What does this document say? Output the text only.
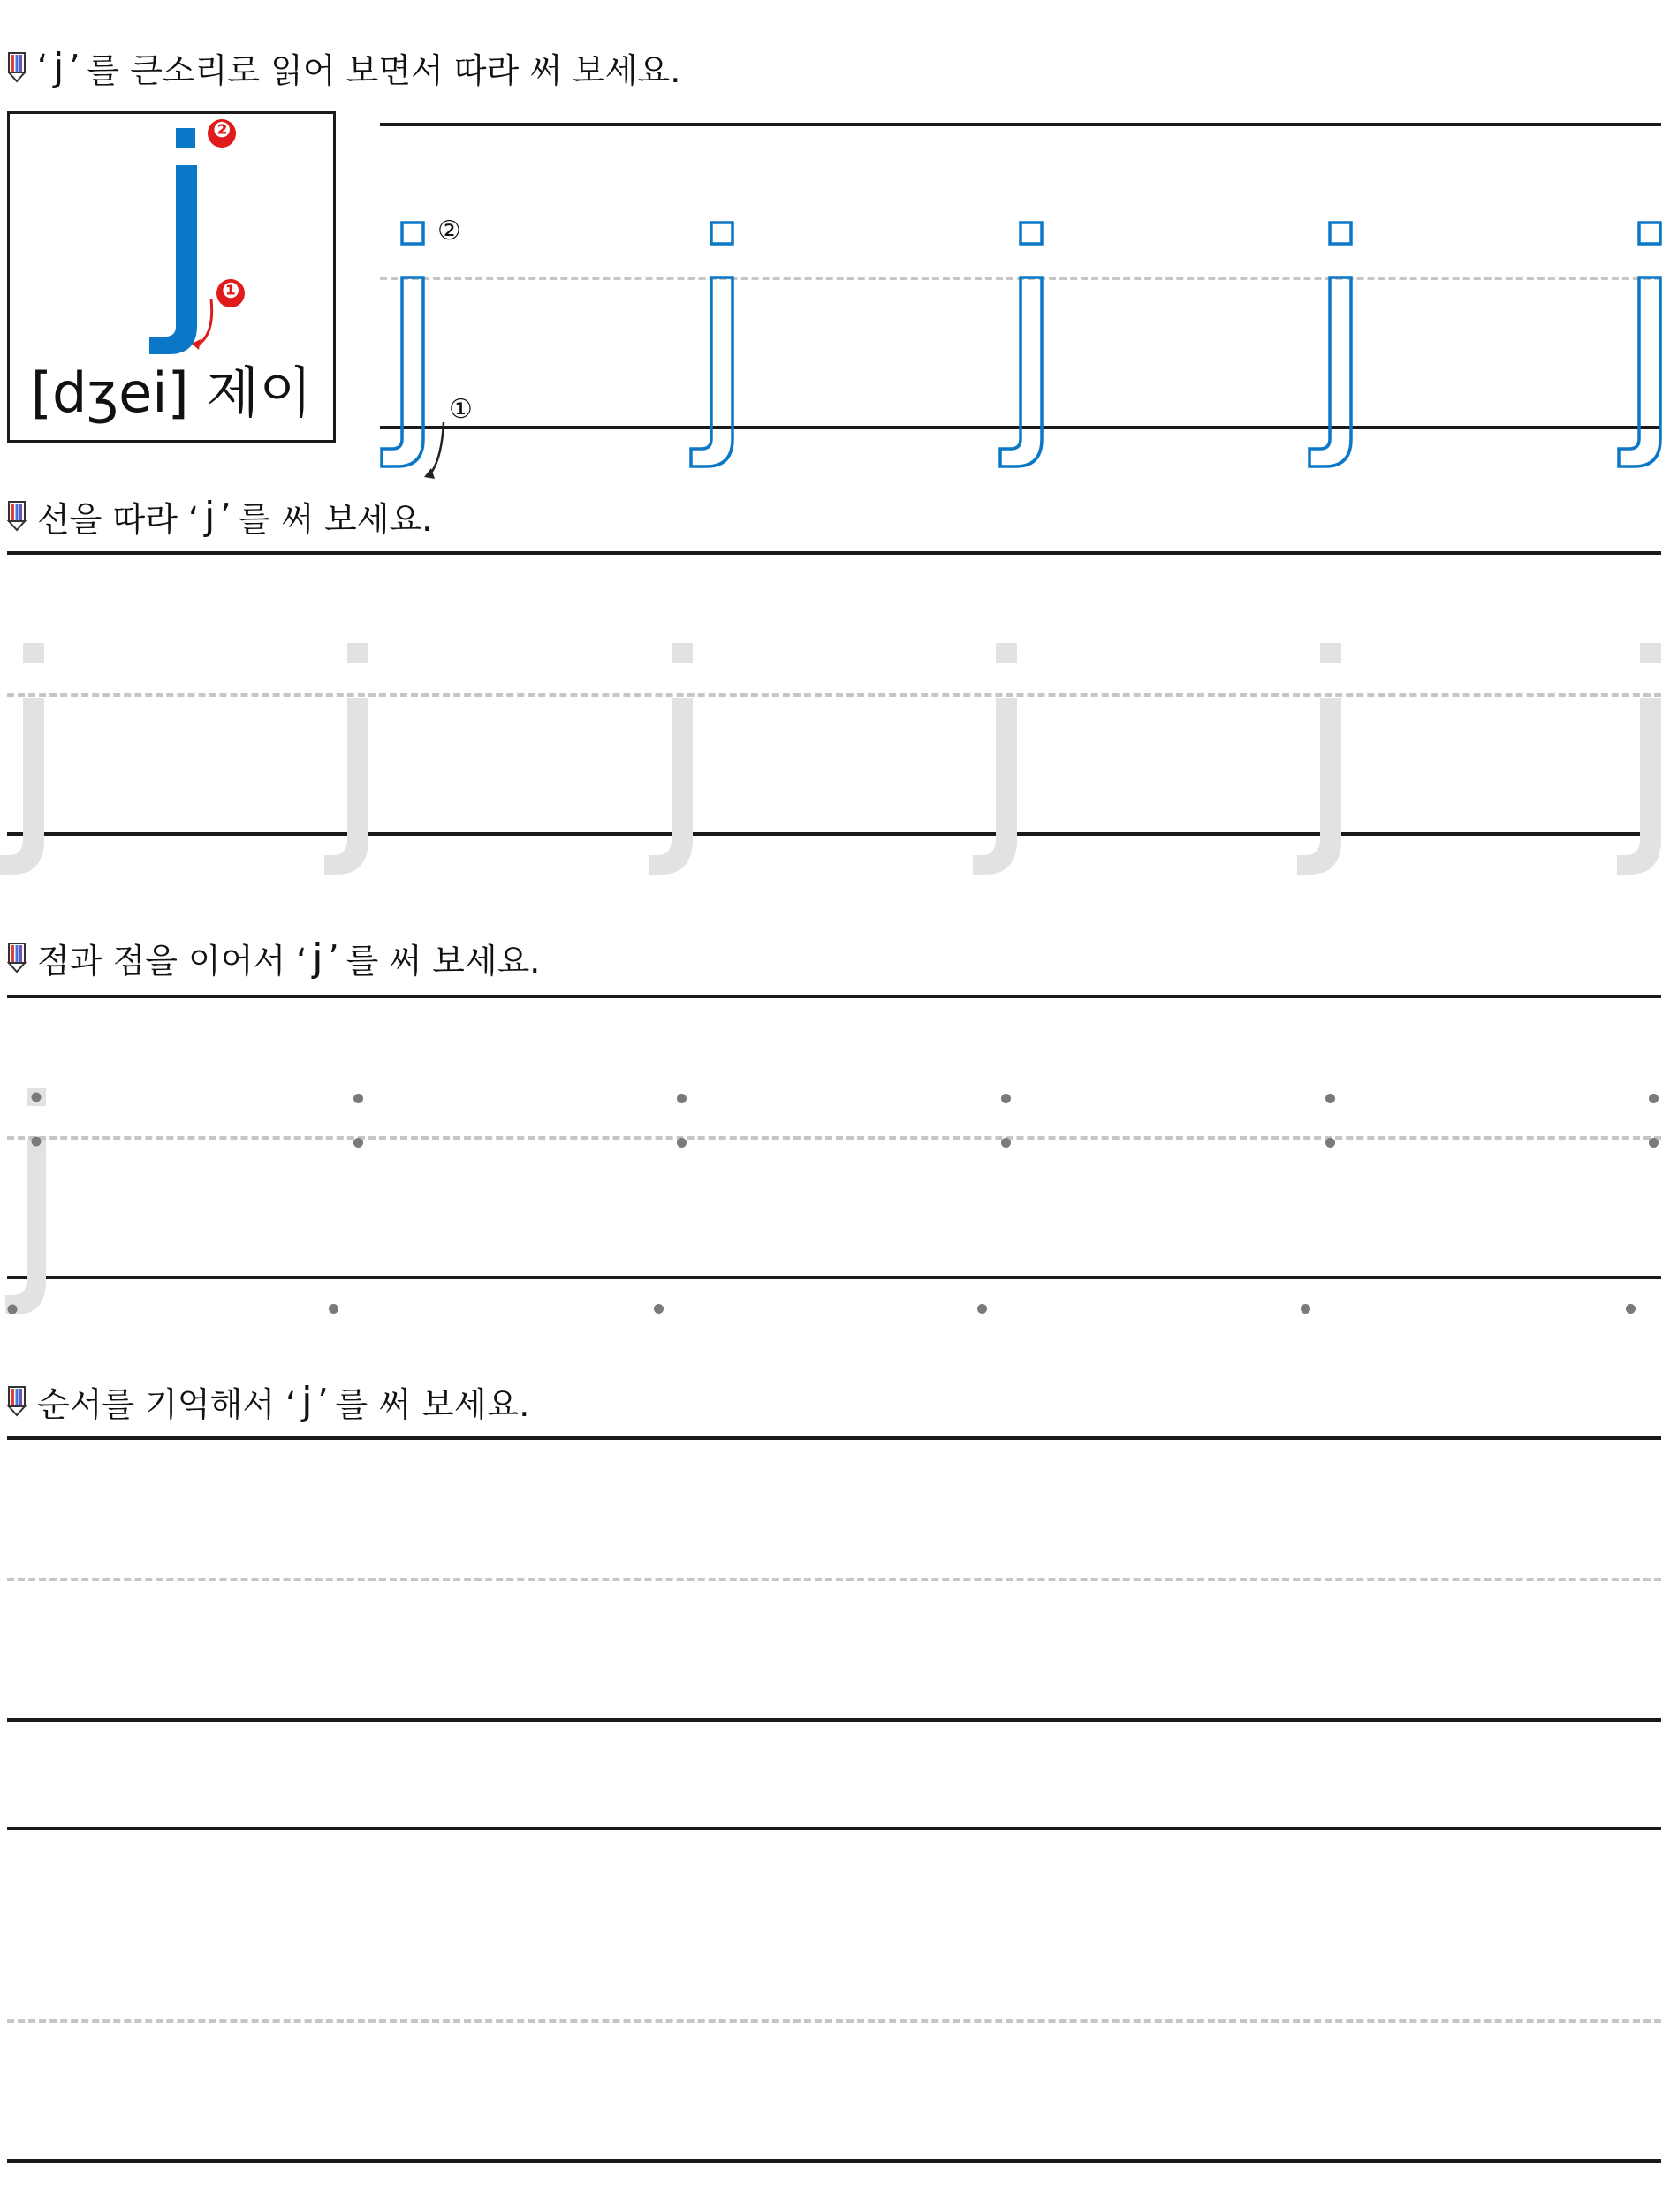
‘ j ’ 를 큰소리로 읽어 보면서 따라 써 보세요.
❷
❶
[dʒei] 제이
②
①
선을 따라 ‘ j ’ 를 써 보세요.
점과 점을 이어서 ‘ j ’ 를 써 보세요.
순서를 기억해서 ‘ j ’ 를 써 보세요.
